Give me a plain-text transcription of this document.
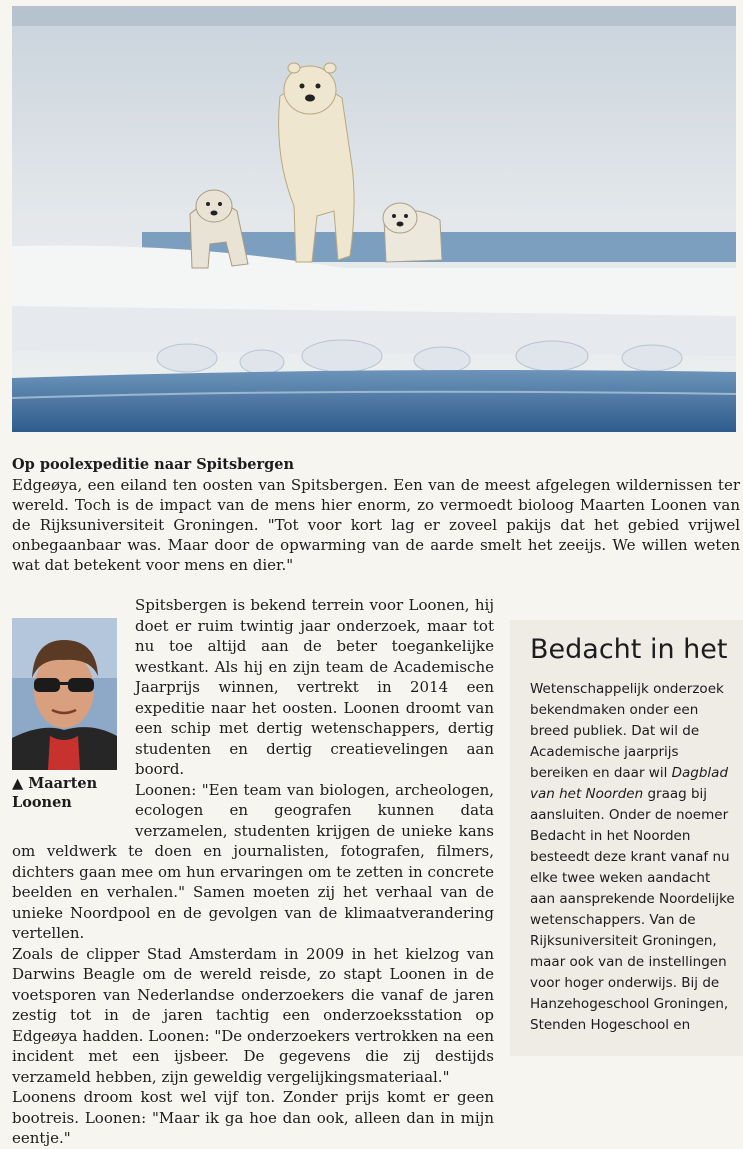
Op poolexpeditie naar Spitsbergen

Edgeøya, een eiland ten oosten van Spitsbergen. Een van de meest afgelegen wildernissen ter wereld. Toch is de impact van de mens hier enorm, zo vermoedt bioloog Maarten Loonen van de Rijksuniversiteit Groningen. "Tot voor kort lag er zoveel pakijs dat het gebied vrijwel onbegaanbaar was. Maar door de opwarming van de aarde smelt het zeeijs. We willen weten wat dat betekent voor mens en dier."

▲ Maarten Loonen

Spitsbergen is bekend terrein voor Loonen, hij doet er ruim twintig jaar onderzoek, maar tot nu toe altijd aan de beter toegankelijke westkant. Als hij en zijn team de Academische Jaarprijs winnen, vertrekt in 2014 een expeditie naar het oosten. Loonen droomt van een schip met dertig wetenschappers, dertig studenten en dertig creatievelingen aan boord.

Loonen: "Een team van biologen, archeologen, ecologen en geografen kunnen data verzamelen, studenten krijgen de unieke kans om veldwerk te doen en journalisten, fotografen, filmers, dichters gaan mee om hun ervaringen om te zetten in concrete beelden en verhalen." Samen moeten zij het verhaal van de unieke Noordpool en de gevolgen van de klimaatverandering vertellen.

Zoals de clipper Stad Amsterdam in 2009 in het kielzog van Darwins Beagle om de wereld reisde, zo stapt Loonen in de voetsporen van Nederlandse onderzoekers die vanaf de jaren zestig tot in de jaren tachtig een onderzoeksstation op Edgeøya hadden. Loonen: "De onderzoekers vertrokken na een incident met een ijsbeer. De gegevens die zij destijds verzameld hebben, zijn geweldig vergelijkingsmateriaal."

Loonens droom kost wel vijf ton. Zonder prijs komt er geen bootreis. Loonen: "Maar ik ga hoe dan ook, alleen dan in mijn eentje."

Bedacht in het
Wetenschappelijk onderzoek bekendmaken onder een breed publiek. Dat wil de Academische jaarprijs bereiken en daar wil Dagblad van het Noorden graag bij aansluiten. Onder de noemer Bedacht in het Noorden besteedt deze krant vanaf nu elke twee weken aandacht aan aansprekende Noordelijke wetenschappers. Van de Rijksuniversiteit Groningen, maar ook van de instellingen voor hoger onderwijs. Bij de Hanzehogeschool Groningen, Stenden Hogeschool en
